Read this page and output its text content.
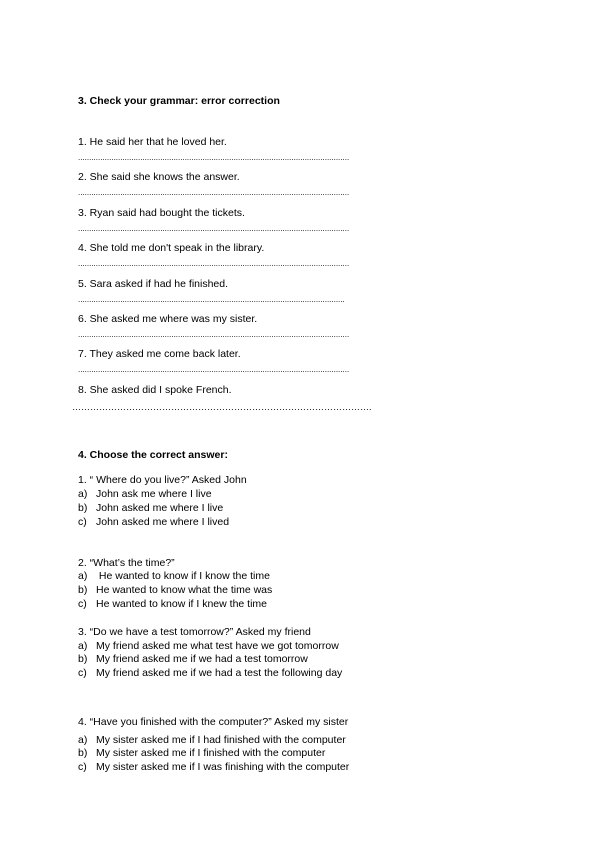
3. Check your grammar: error correction
1. He said her that he loved her.
..........................................................................................................................
2. She said she knows the answer.
..........................................................................................................................
3. Ryan said had bought the tickets.
..........................................................................................................................
4. She told me don't speak in the library.
..........................................................................................................................
5. Sara asked if had he finished.
........................................................................................................................
6. She asked me where was my sister.
..........................................................................................................................
7. They asked me come back later.
..........................................................................................................................
8. She asked did I spoke French.
……………………………………………………………………………………….
4. Choose the correct answer:
1. “ Where do you live?” Asked John
a) John ask me where I live
b) John asked me where I live
c) John asked me where I lived
2. “What’s the time?”
a) He wanted to know if I know the time
b) He wanted to know what the time was
c) He wanted to know if I knew the time
3. “Do we have a test tomorrow?” Asked my friend
a) My friend asked me what test have we got tomorrow
b) My friend asked me if we had a test tomorrow
c) My friend asked me if we had a test the following day
4. “Have you finished with the computer?” Asked my sister
a) My sister asked me if I had finished with the computer
b) My sister asked me if I finished with the computer
c) My sister asked me if I was finishing with the computer
